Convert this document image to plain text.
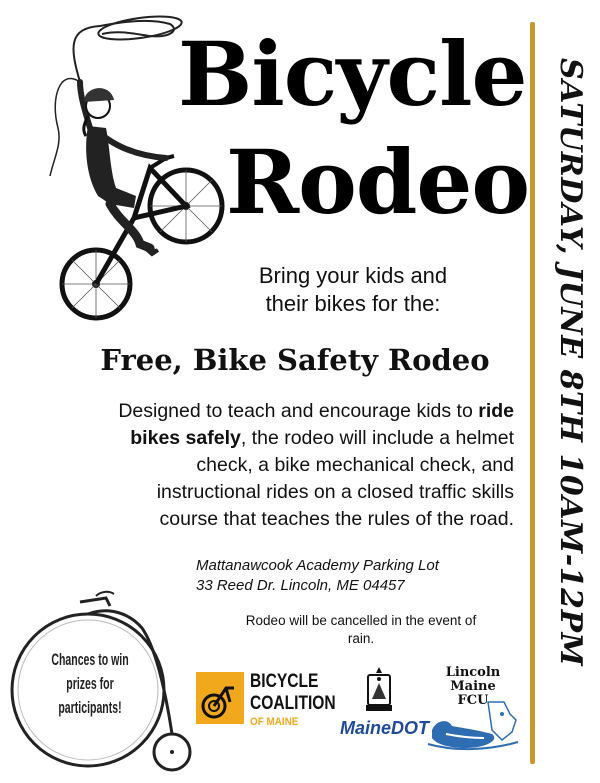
Bicycle
Rodeo
Bring your kids and
their bikes for the:
Free, Bike Safety Rodeo
Designed to teach and encourage kids to ride
bikes safely, the rodeo will include a helmet
check, a bike mechanical check, and
instructional rides on a closed traffic skills
course that teaches the rules of the road.
Mattanawcook Academy Parking Lot
33 Reed Dr. Lincoln, ME 04457
Rodeo will be cancelled in the event of
rain.	SATURDAY, JUNE 8TH 10AM-12PM
Chances to win prizes for
participants!
BICYCLE
COALITION
OF MAINE MaineDOT
Lincoln
Maine
FCU
